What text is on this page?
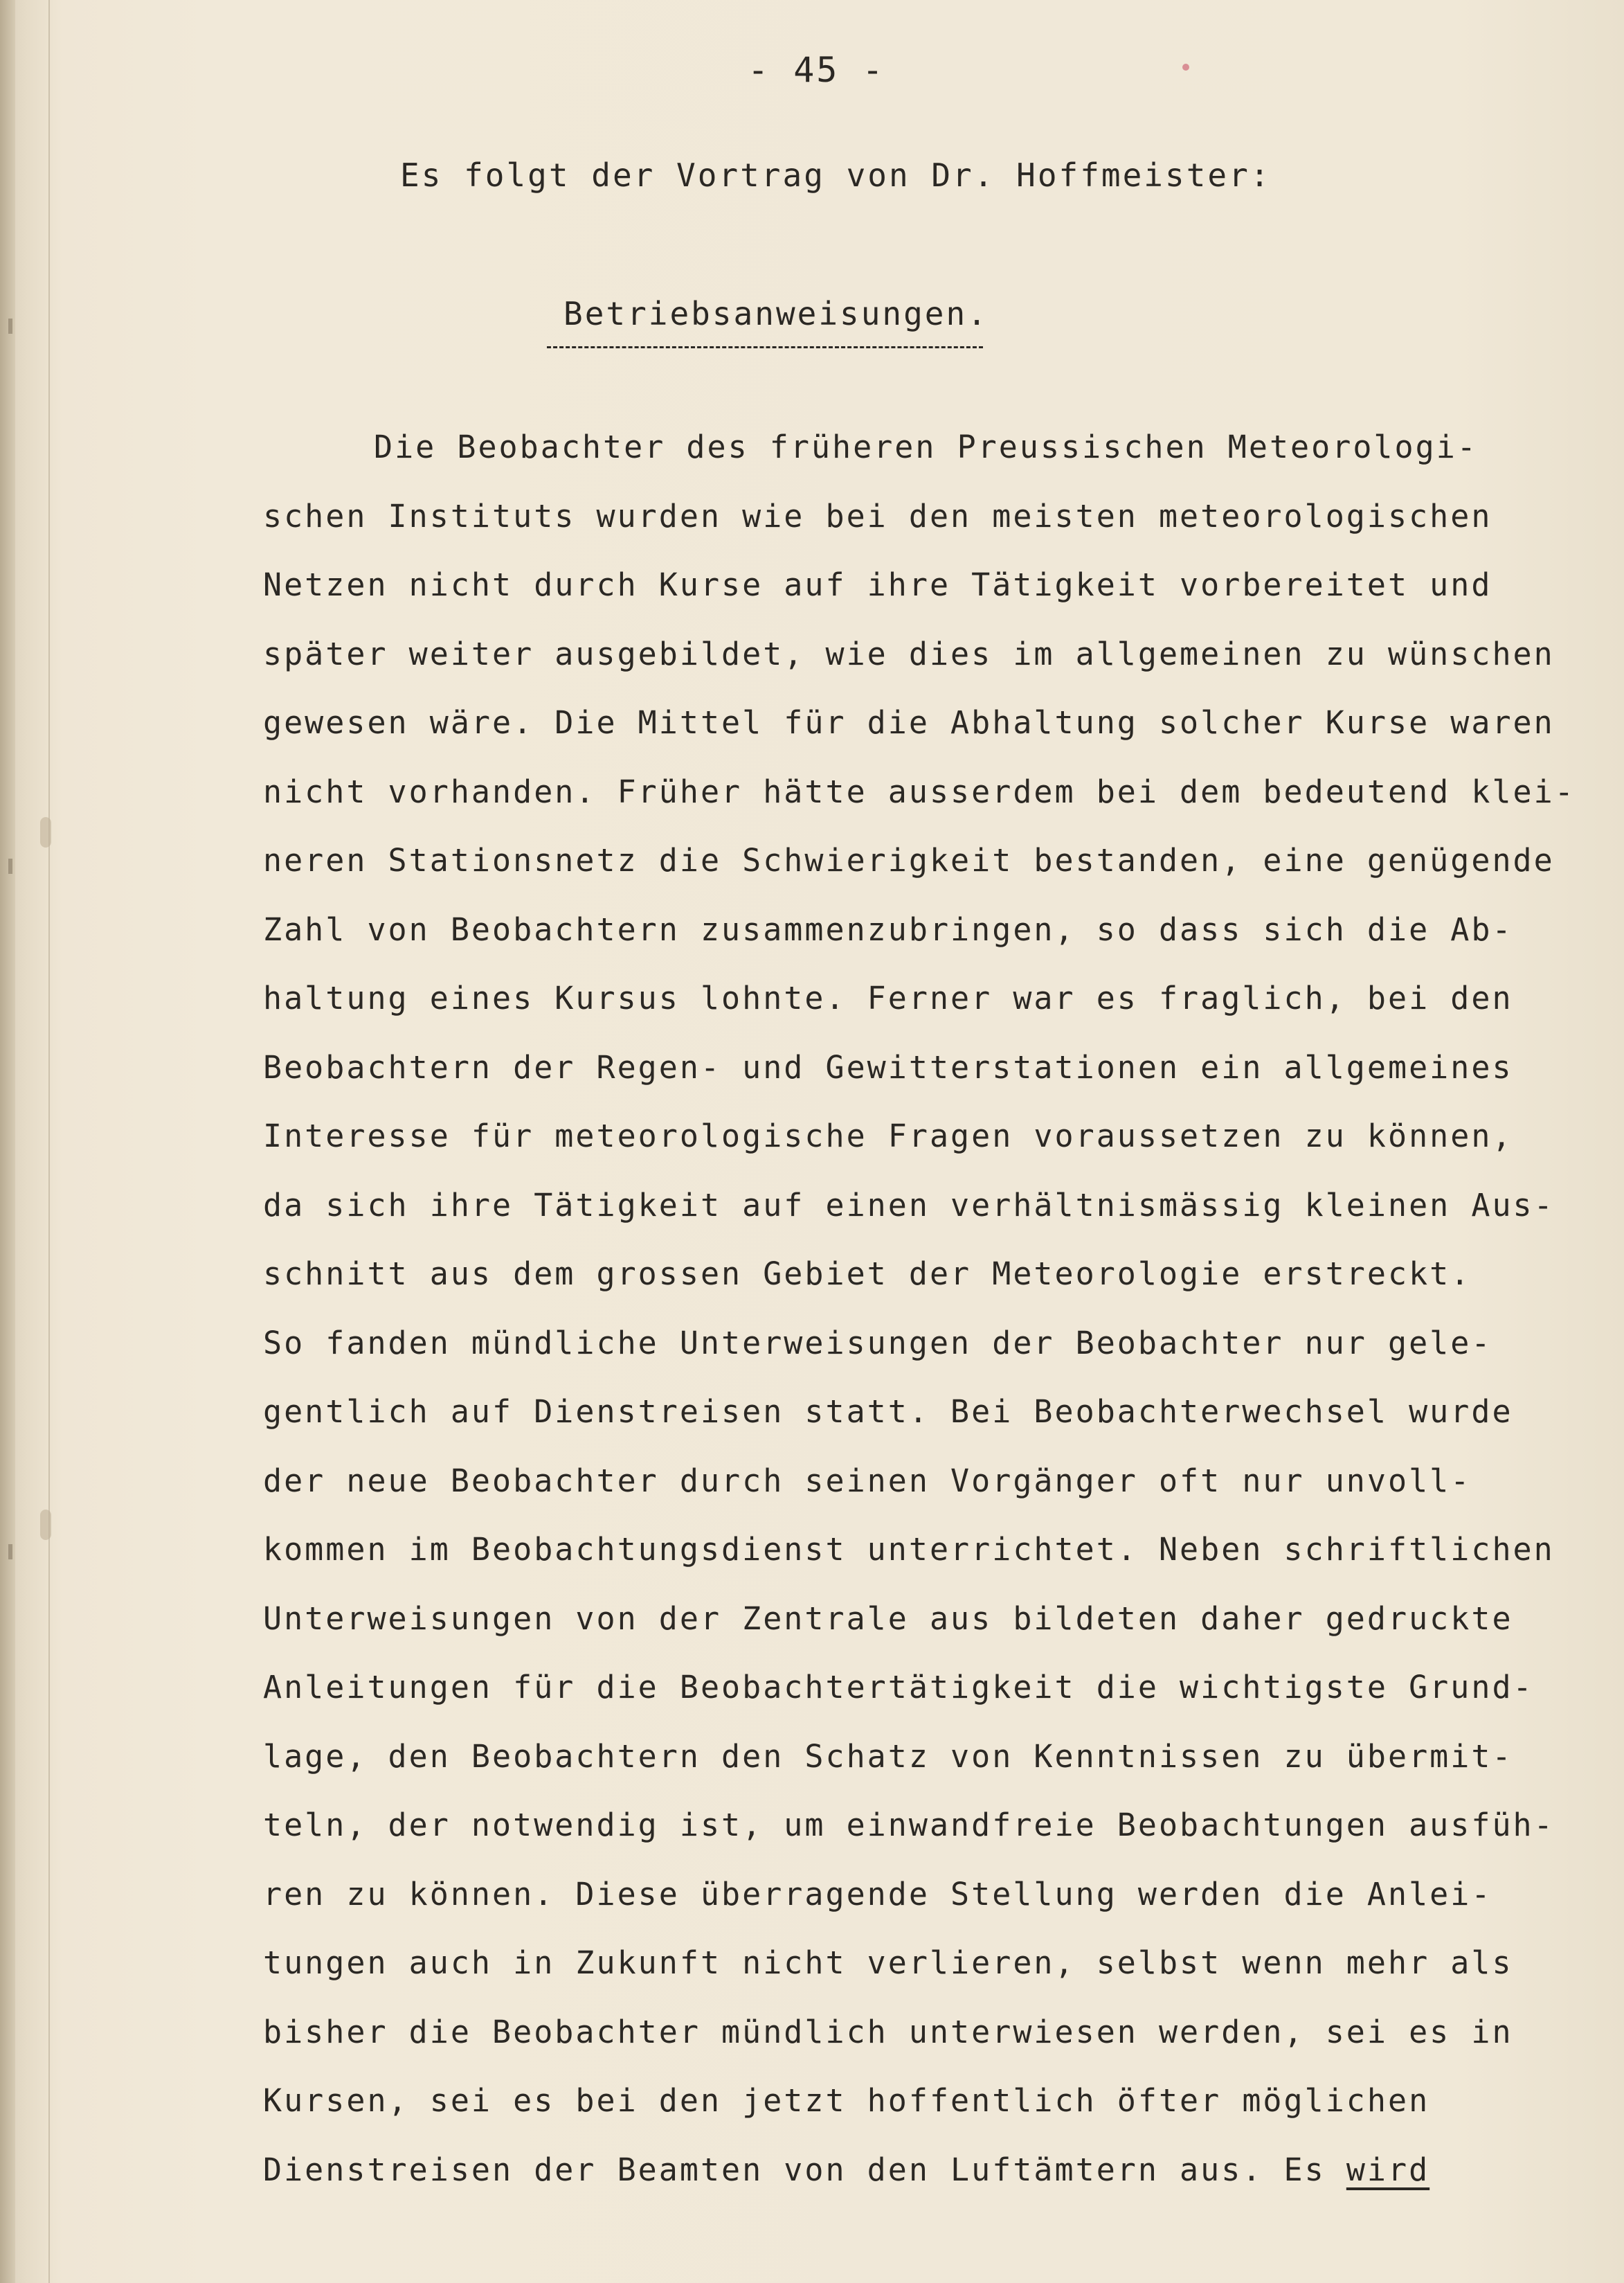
- 45 -
Es folgt der Vortrag von Dr. Hoffmeister:
Betriebsanweisungen.
Die Beobachter des früheren Preussischen Meteorologi-
schen Instituts wurden wie bei den meisten meteorologischen
Netzen nicht durch Kurse auf ihre Tätigkeit vorbereitet und
später weiter ausgebildet, wie dies im allgemeinen zu wünschen
gewesen wäre. Die Mittel für die Abhaltung solcher Kurse waren
nicht vorhanden. Früher hätte ausserdem bei dem bedeutend klei-
neren Stationsnetz die Schwierigkeit bestanden, eine genügende
Zahl von Beobachtern zusammenzubringen, so dass sich die Ab-
haltung eines Kursus lohnte. Ferner war es fraglich, bei den
Beobachtern der Regen- und Gewitterstationen ein allgemeines
Interesse für meteorologische Fragen voraussetzen zu können,
da sich ihre Tätigkeit auf einen verhältnismässig kleinen Aus-
schnitt aus dem grossen Gebiet der Meteorologie erstreckt.
So fanden mündliche Unterweisungen der Beobachter nur gele-
gentlich auf Dienstreisen statt. Bei Beobachterwechsel wurde
der neue Beobachter durch seinen Vorgänger oft nur unvoll-
kommen im Beobachtungsdienst unterrichtet. Neben schriftlichen
Unterweisungen von der Zentrale aus bildeten daher gedruckte
Anleitungen für die Beobachtertätigkeit die wichtigste Grund-
lage, den Beobachtern den Schatz von Kenntnissen zu übermit-
teln, der notwendig ist, um einwandfreie Beobachtungen ausfüh-
ren zu können. Diese überragende Stellung werden die Anlei-
tungen auch in Zukunft nicht verlieren, selbst wenn mehr als
bisher die Beobachter mündlich unterwiesen werden, sei es in
Kursen, sei es bei den jetzt hoffentlich öfter möglichen
Dienstreisen der Beamten von den Luftämtern aus. Es wird
